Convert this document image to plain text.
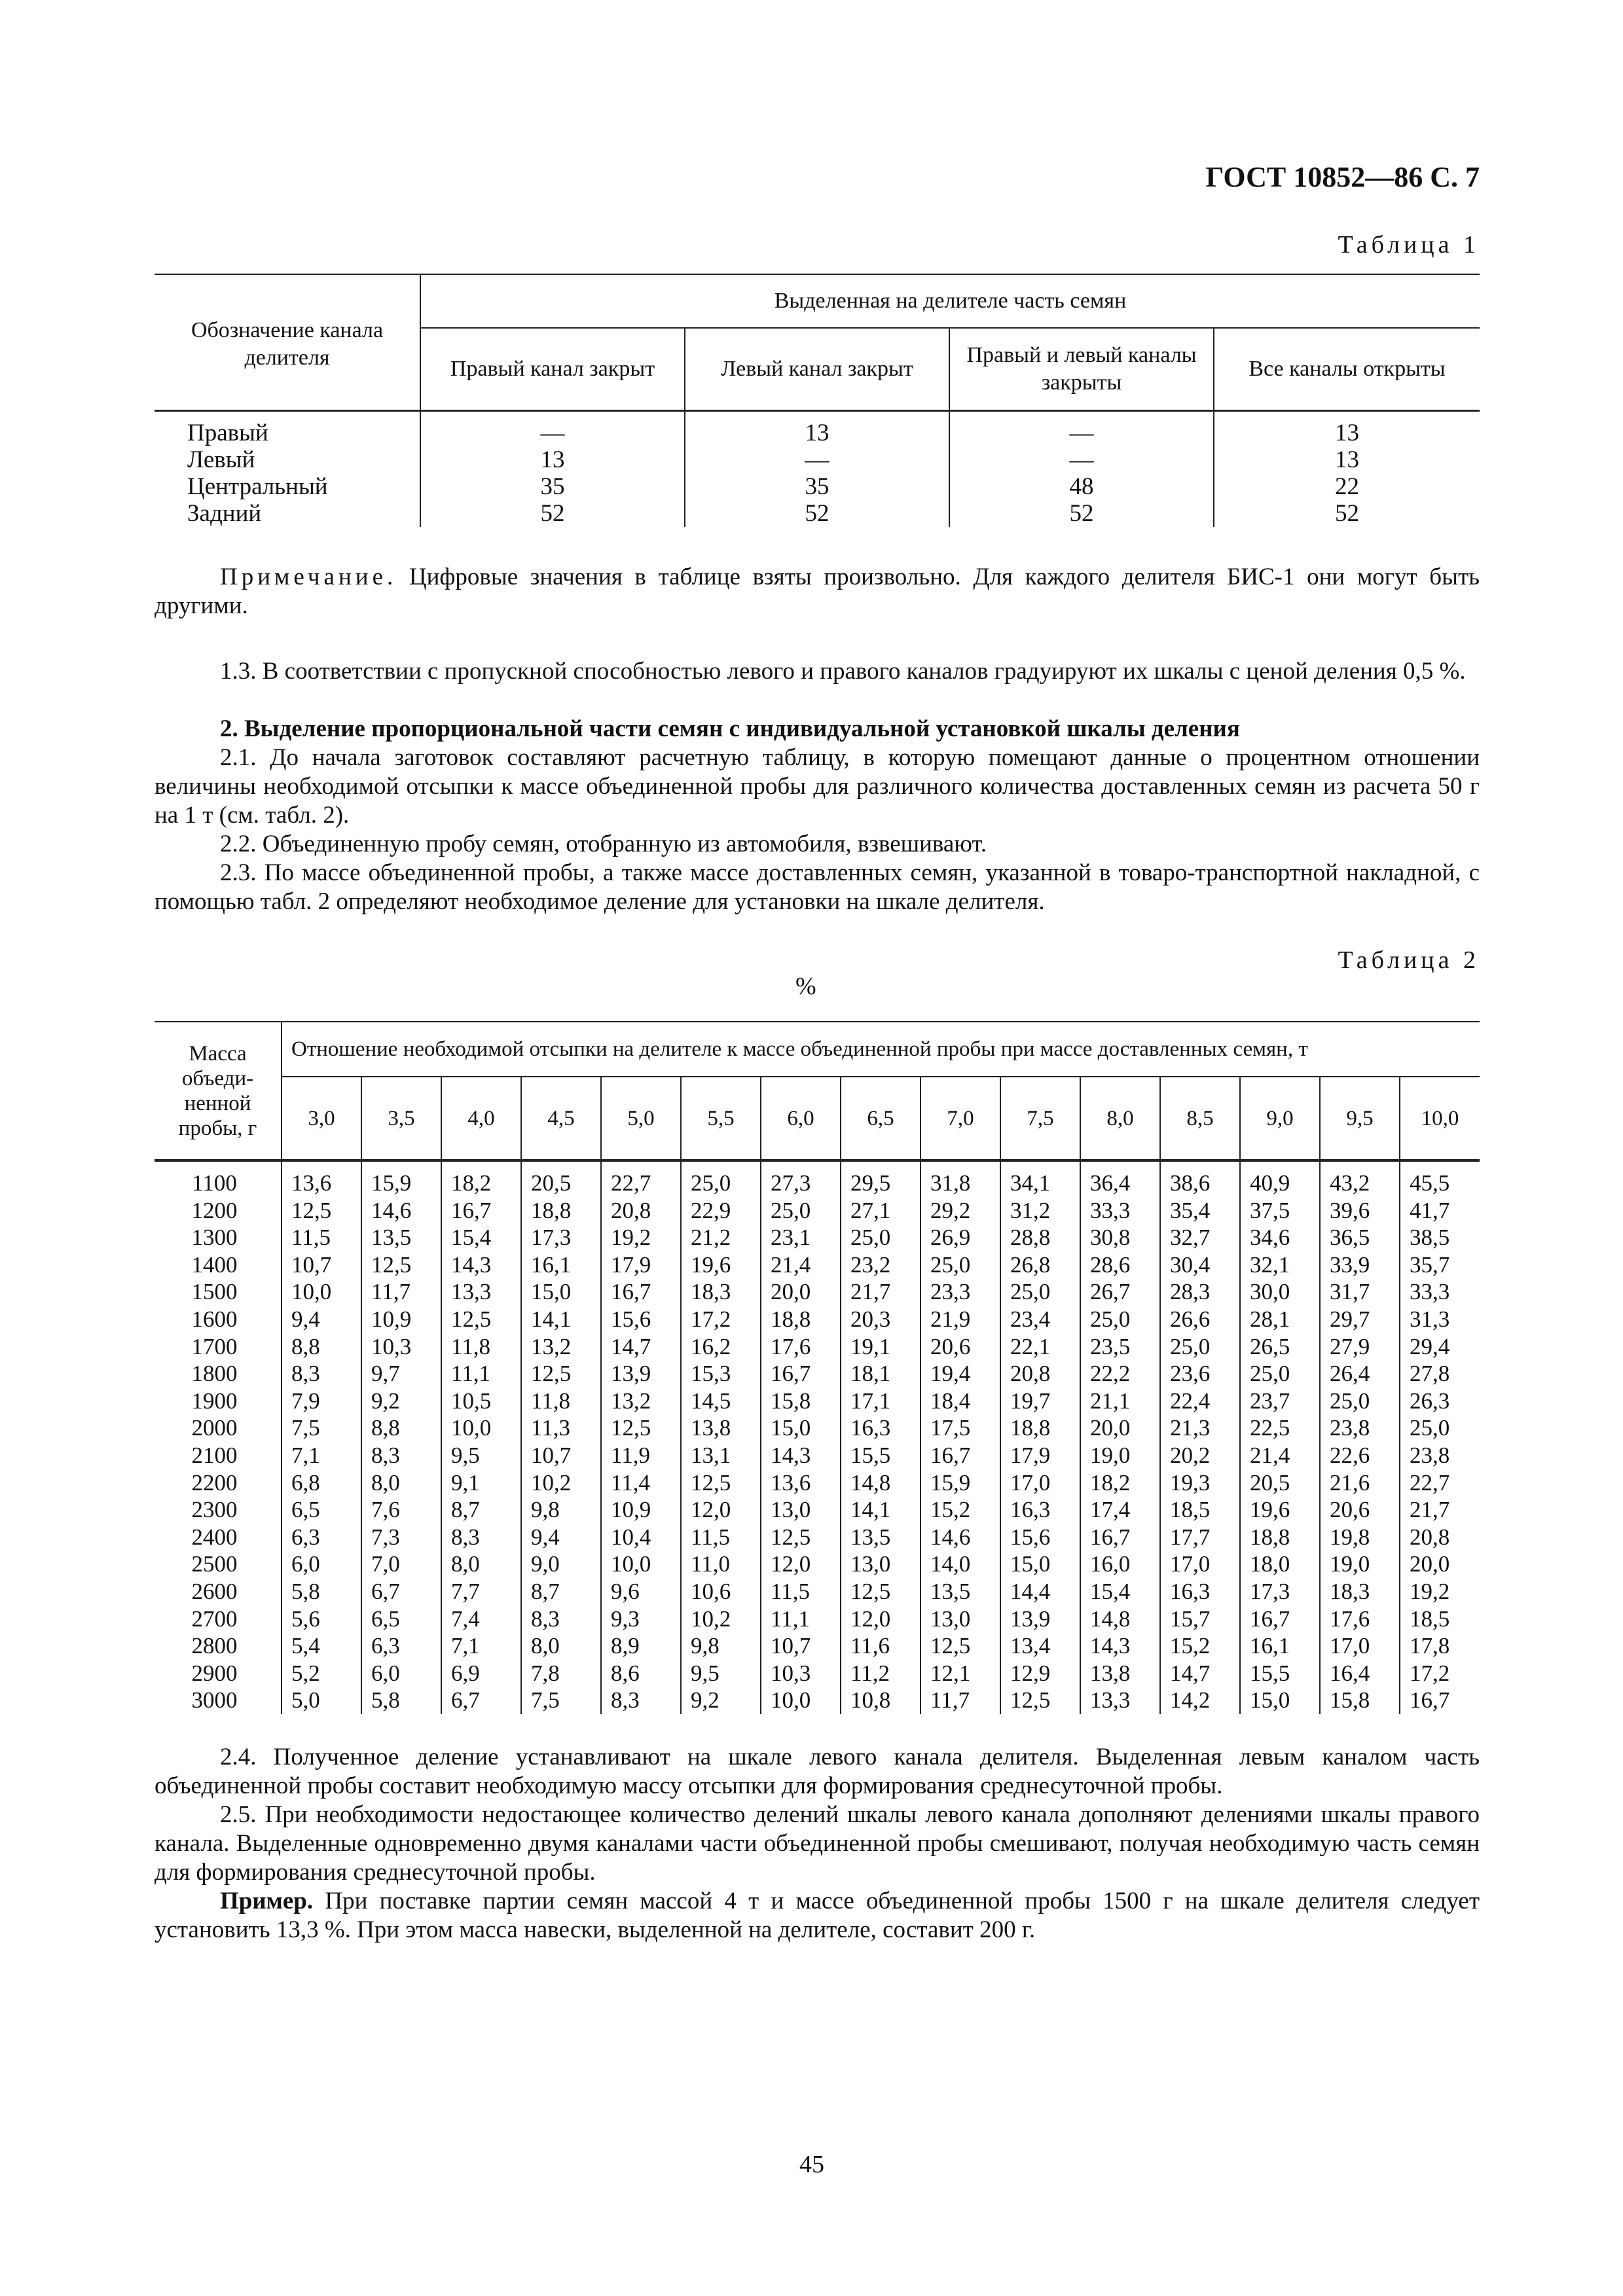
ГОСТ 10852—86 С. 7
Таблица 1
Обозначение канала делителя	Выделенная на делителе часть семян			
	Правый канал закрыт	Левый канал закрыт	Правый и левый каналы закрыты	Все каналы открыты
Правый	—	13	—	13
Левый	13	—	—	13
Центральный	35	35	48	22
Задний	52	52	52	52
Примечание. Цифровые значения в таблице взяты произвольно. Для каждого делителя БИС-1 они могут быть другими.
1.3. В соответствии с пропускной способностью левого и правого каналов градуируют их шкалы с ценой деления 0,5 %.
2. Выделение пропорциональной части семян с индивидуальной установкой шкалы деления
2.1. До начала заготовок составляют расчетную таблицу, в которую помещают данные о процентном отношении величины необходимой отсыпки к массе объединенной пробы для различного количества доставленных семян из расчета 50 г на 1 т (см. табл. 2).
2.2. Объединенную пробу семян, отобранную из автомобиля, взвешивают.
2.3. По массе объединенной пробы, а также массе доставленных семян, указанной в товаро-транспортной накладной, с помощью табл. 2 определяют необходимое деление для установки на шкале делителя.
Таблица 2
%
Масса объеди-ненной пробы, г	Отношение необходимой отсыпки на делителе к массе объединенной пробы при массе доставленных семян, т														
	3,0	3,5	4,0	4,5	5,0	5,5	6,0	6,5	7,0	7,5	8,0	8,5	9,0	9,5	10,0
1100	13,6	15,9	18,2	20,5	22,7	25,0	27,3	29,5	31,8	34,1	36,4	38,6	40,9	43,2	45,5
1200	12,5	14,6	16,7	18,8	20,8	22,9	25,0	27,1	29,2	31,2	33,3	35,4	37,5	39,6	41,7
1300	11,5	13,5	15,4	17,3	19,2	21,2	23,1	25,0	26,9	28,8	30,8	32,7	34,6	36,5	38,5
1400	10,7	12,5	14,3	16,1	17,9	19,6	21,4	23,2	25,0	26,8	28,6	30,4	32,1	33,9	35,7
1500	10,0	11,7	13,3	15,0	16,7	18,3	20,0	21,7	23,3	25,0	26,7	28,3	30,0	31,7	33,3
1600	9,4	10,9	12,5	14,1	15,6	17,2	18,8	20,3	21,9	23,4	25,0	26,6	28,1	29,7	31,3
1700	8,8	10,3	11,8	13,2	14,7	16,2	17,6	19,1	20,6	22,1	23,5	25,0	26,5	27,9	29,4
1800	8,3	9,7	11,1	12,5	13,9	15,3	16,7	18,1	19,4	20,8	22,2	23,6	25,0	26,4	27,8
1900	7,9	9,2	10,5	11,8	13,2	14,5	15,8	17,1	18,4	19,7	21,1	22,4	23,7	25,0	26,3
2000	7,5	8,8	10,0	11,3	12,5	13,8	15,0	16,3	17,5	18,8	20,0	21,3	22,5	23,8	25,0
2100	7,1	8,3	9,5	10,7	11,9	13,1	14,3	15,5	16,7	17,9	19,0	20,2	21,4	22,6	23,8
2200	6,8	8,0	9,1	10,2	11,4	12,5	13,6	14,8	15,9	17,0	18,2	19,3	20,5	21,6	22,7
2300	6,5	7,6	8,7	9,8	10,9	12,0	13,0	14,1	15,2	16,3	17,4	18,5	19,6	20,6	21,7
2400	6,3	7,3	8,3	9,4	10,4	11,5	12,5	13,5	14,6	15,6	16,7	17,7	18,8	19,8	20,8
2500	6,0	7,0	8,0	9,0	10,0	11,0	12,0	13,0	14,0	15,0	16,0	17,0	18,0	19,0	20,0
2600	5,8	6,7	7,7	8,7	9,6	10,6	11,5	12,5	13,5	14,4	15,4	16,3	17,3	18,3	19,2
2700	5,6	6,5	7,4	8,3	9,3	10,2	11,1	12,0	13,0	13,9	14,8	15,7	16,7	17,6	18,5
2800	5,4	6,3	7,1	8,0	8,9	9,8	10,7	11,6	12,5	13,4	14,3	15,2	16,1	17,0	17,8
2900	5,2	6,0	6,9	7,8	8,6	9,5	10,3	11,2	12,1	12,9	13,8	14,7	15,5	16,4	17,2
3000	5,0	5,8	6,7	7,5	8,3	9,2	10,0	10,8	11,7	12,5	13,3	14,2	15,0	15,8	16,7
2.4. Полученное деление устанавливают на шкале левого канала делителя. Выделенная левым каналом часть объединенной пробы составит необходимую массу отсыпки для формирования среднесуточной пробы.
2.5. При необходимости недостающее количество делений шкалы левого канала дополняют делениями шкалы правого канала. Выделенные одновременно двумя каналами части объединенной пробы смешивают, получая необходимую часть семян для формирования среднесуточной пробы.
Пример. При поставке партии семян массой 4 т и массе объединенной пробы 1500 г на шкале делителя следует установить 13,3 %. При этом масса навески, выделенной на делителе, составит 200 г.
45
